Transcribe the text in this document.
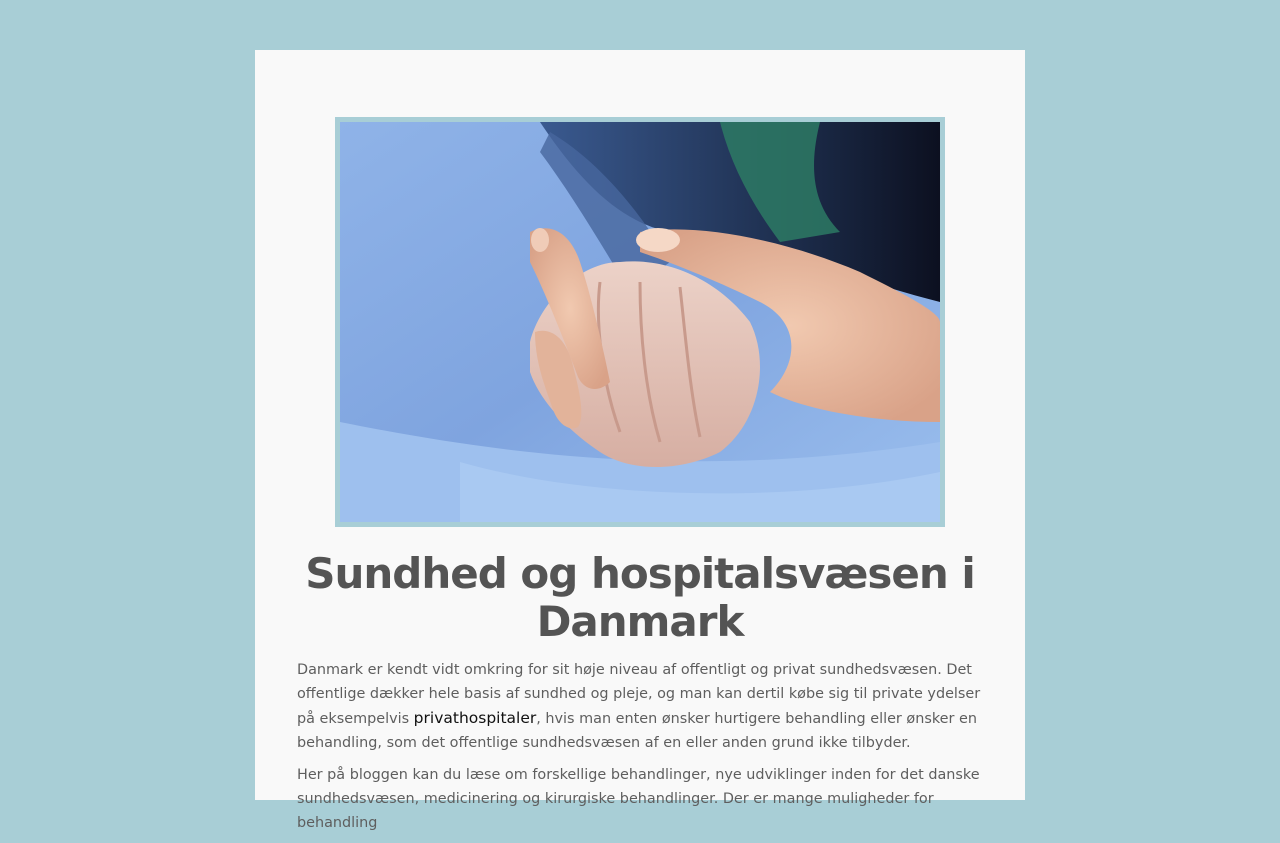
Sundhed og hospitalsvæsen i Danmark

Danmark er kendt vidt omkring for sit høje niveau af offentligt og privat sundhedsvæsen. Det offentlige dækker hele basis af sundhed og pleje, og man kan dertil købe sig til private ydelser på eksempelvis privathospitaler, hvis man enten ønsker hurtigere behandling eller ønsker en behandling, som det offentlige sundhedsvæsen af en eller anden grund ikke tilbyder.

Her på bloggen kan du læse om forskellige behandlinger, nye udviklinger inden for det danske sundhedsvæsen, medicinering og kirurgiske behandlinger. Der er mange muligheder for behandling
